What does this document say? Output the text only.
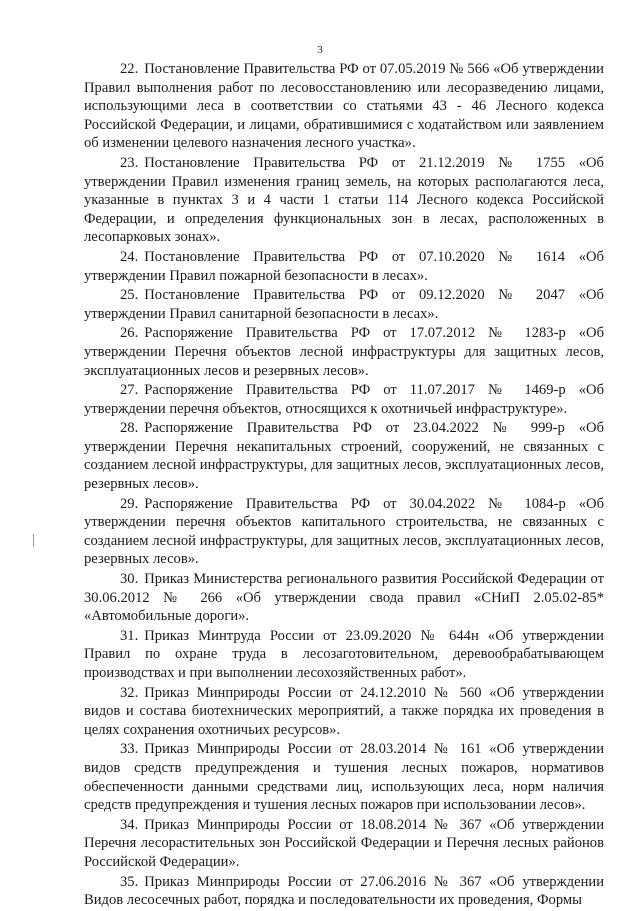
3

22. Постановление Правительства РФ от 07.05.2019 № 566 «Об утверждении Правил выполнения работ по лесовосстановлению или лесоразведению лицами, использующими леса в соответствии со статьями 43 - 46 Лесного кодекса Российской Федерации, и лицами, обратившимися с ходатайством или заявлением об изменении целевого назначения лесного участка».

23. Постановление Правительства РФ от 21.12.2019 № 1755 «Об утверждении Правил изменения границ земель, на которых располагаются леса, указанные в пунктах 3 и 4 части 1 статьи 114 Лесного кодекса Российской Федерации, и определения функциональных зон в лесах, расположенных в лесопарковых зонах».

24. Постановление Правительства РФ от 07.10.2020 № 1614 «Об утверждении Правил пожарной безопасности в лесах».

25. Постановление Правительства РФ от 09.12.2020 № 2047 «Об утверждении Правил санитарной безопасности в лесах».

26. Распоряжение Правительства РФ от 17.07.2012 № 1283-р «Об утверждении Перечня объектов лесной инфраструктуры для защитных лесов, эксплуатационных лесов и резервных лесов».

27. Распоряжение Правительства РФ от 11.07.2017 № 1469-р «Об утверждении перечня объектов, относящихся к охотничьей инфраструктуре».

28. Распоряжение Правительства РФ от 23.04.2022 № 999-р «Об утверждении Перечня некапитальных строений, сооружений, не связанных с созданием лесной инфраструктуры, для защитных лесов, эксплуатационных лесов, резервных лесов».

29. Распоряжение Правительства РФ от 30.04.2022 № 1084-р «Об утверждении перечня объектов капитального строительства, не связанных с созданием лесной инфраструктуры, для защитных лесов, эксплуатационных лесов, резервных лесов».

30. Приказ Министерства регионального развития Российской Федерации от 30.06.2012 № 266 «Об утверждении свода правил «СНиП 2.05.02-85* «Автомобильные дороги».

31. Приказ Минтруда России от 23.09.2020 № 644н «Об утверждении Правил по охране труда в лесозаготовительном, деревообрабатывающем производствах и при выполнении лесохозяйственных работ».

32. Приказ Минприроды России от 24.12.2010 № 560 «Об утверждении видов и состава биотехнических мероприятий, а также порядка их проведения в целях сохранения охотничьих ресурсов».

33. Приказ Минприроды России от 28.03.2014 № 161 «Об утверждении видов средств предупреждения и тушения лесных пожаров, нормативов обеспеченности данными средствами лиц, использующих леса, норм наличия средств предупреждения и тушения лесных пожаров при использовании лесов».

34. Приказ Минприроды России от 18.08.2014 № 367 «Об утверждении Перечня лесорастительных зон Российской Федерации и Перечня лесных районов Российской Федерации».

35. Приказ Минприроды России от 27.06.2016 № 367 «Об утверждении Видов лесосечных работ, порядка и последовательности их проведения, Формы
